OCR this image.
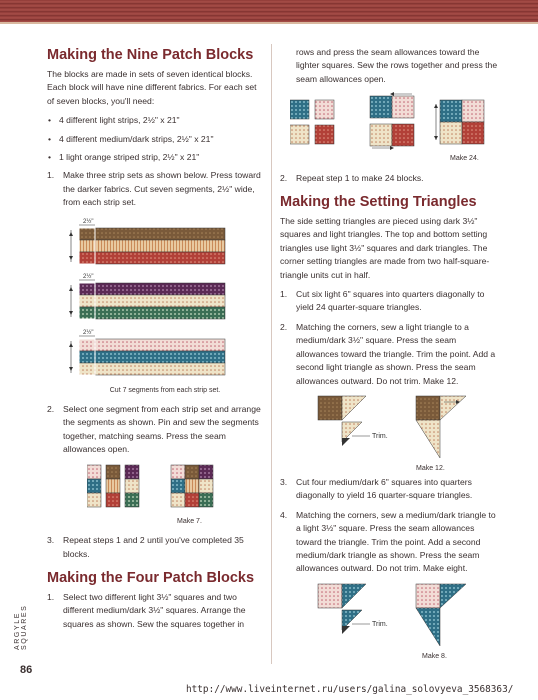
Making the Nine Patch Blocks

The blocks are made in sets of seven identical blocks. Each block will have nine different fabrics. For each set of seven blocks, you'll need:

• 4 different light strips, 2½" x 21"
• 4 different medium/dark strips, 2½" x 21"
• 1 light orange striped strip, 2½" x 21"
1. Make three strip sets as shown below. Press toward the darker fabrics. Cut seven segments, 2½" wide, from each strip set.
2½"
2½"
2½"
Cut 7 segments from each strip set.
2. Select one segment from each strip set and arrange the segments as shown. Pin and sew the segments together, matching seams. Press the seam allowances open.
Make 7.
3. Repeat steps 1 and 2 until you've completed 35 blocks.
Making the Four Patch Blocks
1. Select two different light 3½" squares and two different medium/dark 3½" squares. Arrange the squares as shown. Sew the squares together in

rows and press the seam allowances toward the lighter squares. Sew the rows together and press the seam allowances open.

Make 24.
2. Repeat step 1 to make 24 blocks.
Making the Setting Triangles

The side setting triangles are pieced using dark 3½" squares and light triangles. The top and bottom setting triangles use light 3½" squares and dark triangles. The corner setting triangles are made from two half-square-triangle units cut in half.

1. Cut six light 6" squares into quarters diagonally to yield 24 quarter-square triangles.
2. Matching the corners, sew a light triangle to a medium/dark 3½" square. Press the seam allowances toward the triangle. Trim the point. Add a second light triangle as shown. Press the seam allowances outward. Do not trim. Make 12.
Trim.
Make 12.
3. Cut four medium/dark 6" squares into quarters diagonally to yield 16 quarter-square triangles.
4. Matching the corners, sew a medium/dark triangle to a light 3½" square. Press the seam allowances toward the triangle. Trim the point. Add a second medium/dark triangle as shown. Press the seam allowances outward. Do not trim. Make eight.
Trim.
Make 8.
ARGYLE SQUARES
86
http://www.liveinternet.ru/users/galina_solovyeva_3568363/
